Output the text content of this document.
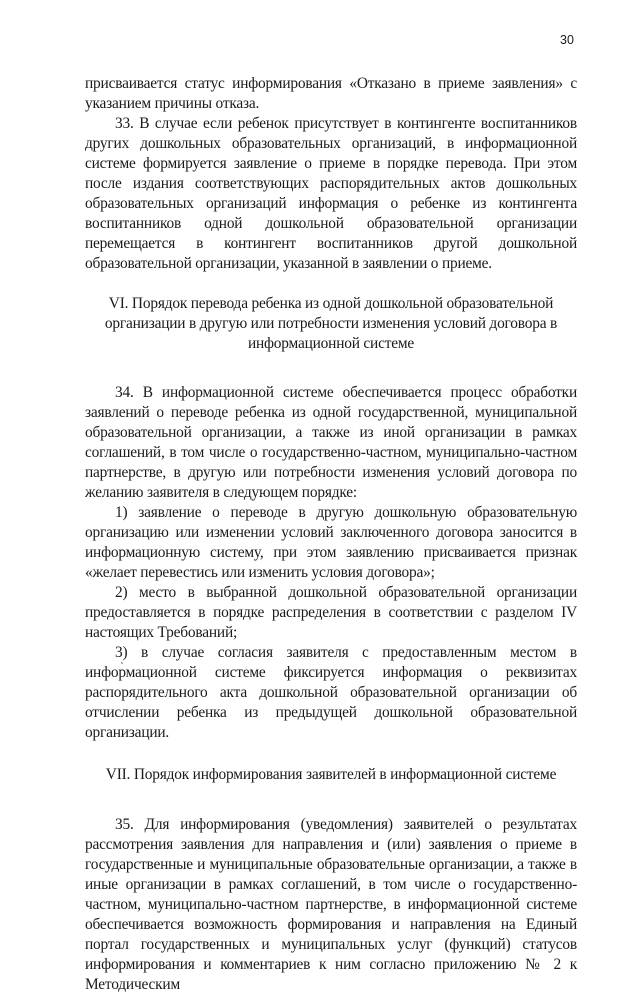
30

присваивается статус информирования «Отказано в приеме заявления» с указанием причины отказа.

33. В случае если ребенок присутствует в контингенте воспитанников других дошкольных образовательных организаций, в информационной системе формируется заявление о приеме в порядке перевода. При этом после издания соответствующих распорядительных актов дошкольных образовательных организаций информация о ребенке из контингента воспитанников одной дошкольной образовательной организации перемещается в контингент воспитанников другой дошкольной образовательной организации, указанной в заявлении о приеме.

VI. Порядок перевода ребенка из одной дошкольной образовательной организации в другую или потребности изменения условий договора в информационной системе

34. В информационной системе обеспечивается процесс обработки заявлений о переводе ребенка из одной государственной, муниципальной образовательной организации, а также из иной организации в рамках соглашений, в том числе о государственно-частном, муниципально-частном партнерстве, в другую или потребности изменения условий договора по желанию заявителя в следующем порядке:

1) заявление о переводе в другую дошкольную образовательную организацию или изменении условий заключенного договора заносится в информационную систему, при этом заявлению присваивается признак «желает перевестись или изменить условия договора»;

2) место в выбранной дошкольной образовательной организации предоставляется в порядке распределения в соответствии с разделом IV настоящих Требований;

3) в случае согласия заявителя с предоставленным местом в информационной системе фиксируется информация о реквизитах распорядительного акта дошкольной образовательной организации об отчислении ребенка из предыдущей дошкольной образовательной организации.

VII. Порядок информирования заявителей в информационной системе

35. Для информирования (уведомления) заявителей о результатах рассмотрения заявления для направления и (или) заявления о приеме в государственные и муниципальные образовательные организации, а также в иные организации в рамках соглашений, в том числе о государственно-частном, муниципально-частном партнерстве, в информационной системе обеспечивается возможность формирования и направления на Единый портал государственных и муниципальных услуг (функций) статусов информирования и комментариев к ним согласно приложению № 2 к Методическим
